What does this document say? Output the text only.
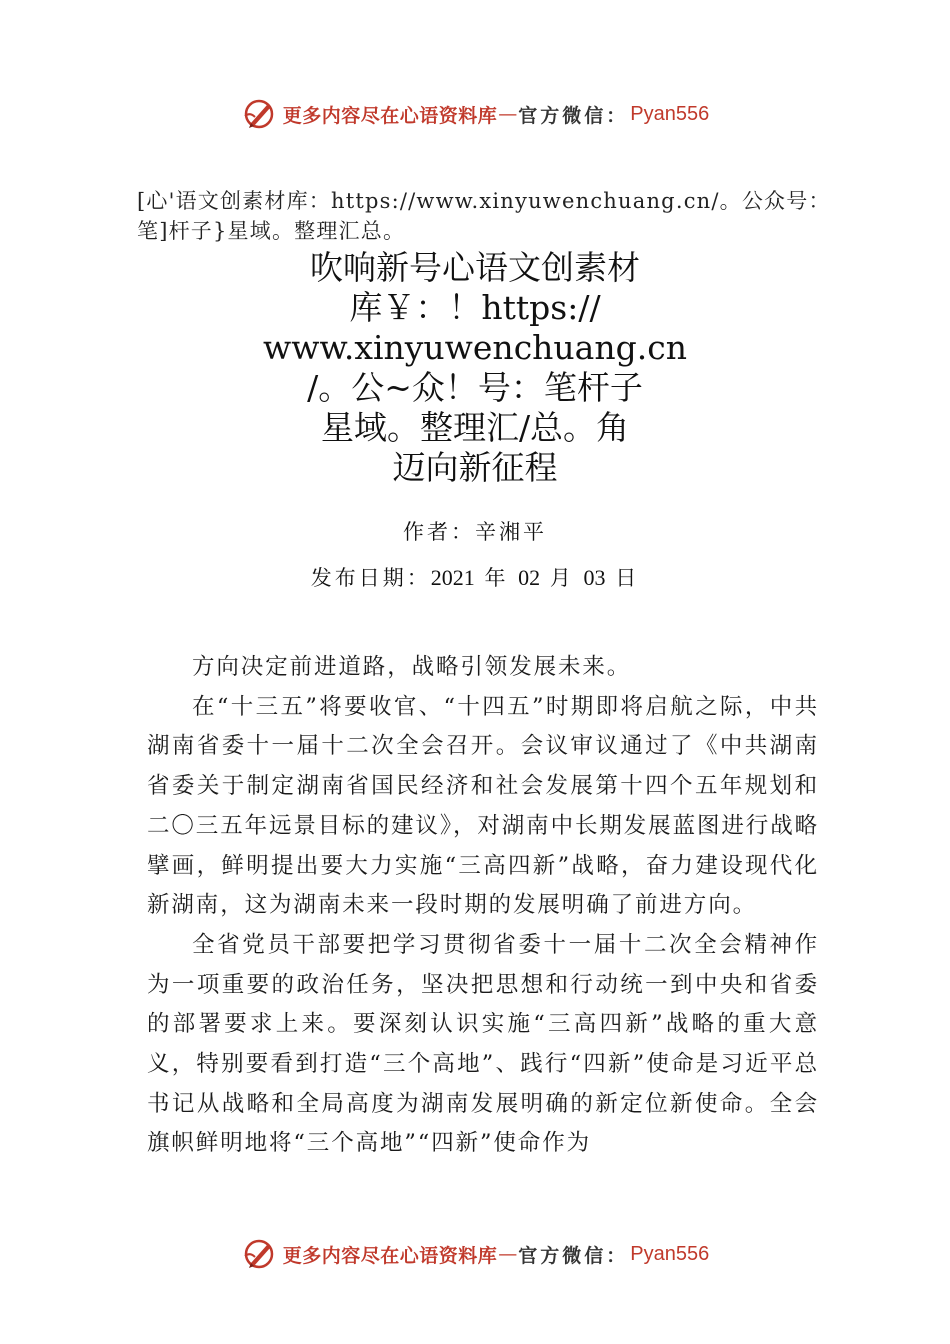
更多内容尽在心语资料库 — 官方微信： Pyan556
[心'语文创素材库：https://www.xinyuwenchuang.cn/。公众号：笔]杆子}星域。整理汇总。
吹响新号心语文创素材
库￥：！https://
www.xinyuwenchuang.cn
/。公~众！号：笔杆子
星域。整理汇/总。角
迈向新征程
作者：辛湘平
发布日期：2021 年 02 月 03 日

方向决定前进道路，战略引领发展未来。

在“十三五”将要收官、“十四五”时期即将启航之际，中共湖南省委十一届十二次全会召开。会议审议通过了《中共湖南省委关于制定湖南省国民经济和社会发展第十四个五年规划和二〇三五年远景目标的建议》，对湖南中长期发展蓝图进行战略擘画，鲜明提出要大力实施“三高四新”战略，奋力建设现代化新湖南，这为湖南未来一段时期的发展明确了前进方向。

全省党员干部要把学习贯彻省委十一届十二次全会精神作为一项重要的政治任务，坚决把思想和行动统一到中央和省委的部署要求上来。要深刻认识实施“三高四新”战略的重大意义，特别要看到打造“三个高地”、践行“四新”使命是习近平总书记从战略和全局高度为湖南发展明确的新定位新使命。全会旗帜鲜明地将“三个高地”“四新”使命作为

更多内容尽在心语资料库 — 官方微信： Pyan556
